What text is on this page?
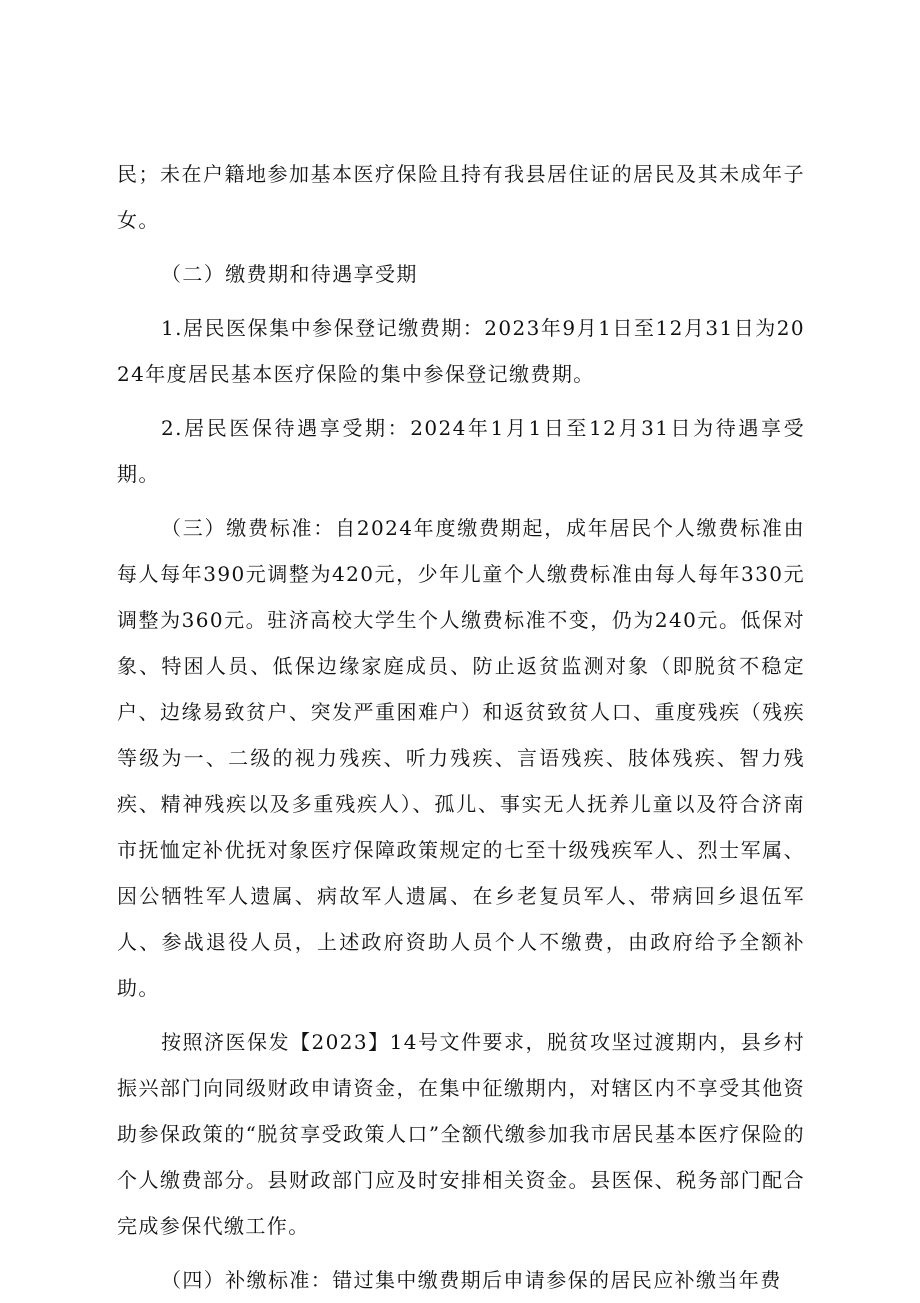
民；未在户籍地参加基本医疗保险且持有我县居住证的居民及其未成年子女。

（二）缴费期和待遇享受期

1.居民医保集中参保登记缴费期：2023年9月1日至12月31日为2024年度居民基本医疗保险的集中参保登记缴费期。

2.居民医保待遇享受期：2024年1月1日至12月31日为待遇享受期。

（三）缴费标准：自2024年度缴费期起，成年居民个人缴费标准由每人每年390元调整为420元，少年儿童个人缴费标准由每人每年330元调整为360元。驻济高校大学生个人缴费标准不变，仍为240元。低保对象、特困人员、低保边缘家庭成员、防止返贫监测对象（即脱贫不稳定户、边缘易致贫户、突发严重困难户）和返贫致贫人口、重度残疾（残疾等级为一、二级的视力残疾、听力残疾、言语残疾、肢体残疾、智力残疾、精神残疾以及多重残疾人）、孤儿、事实无人抚养儿童以及符合济南市抚恤定补优抚对象医疗保障政策规定的七至十级残疾军人、烈士军属、因公牺牲军人遗属、病故军人遗属、在乡老复员军人、带病回乡退伍军人、参战退役人员，上述政府资助人员个人不缴费，由政府给予全额补助。

按照济医保发【2023】14号文件要求，脱贫攻坚过渡期内，县乡村振兴部门向同级财政申请资金，在集中征缴期内，对辖区内不享受其他资助参保政策的“脱贫享受政策人口”全额代缴参加我市居民基本医疗保险的个人缴费部分。县财政部门应及时安排相关资金。县医保、税务部门配合完成参保代缴工作。

（四）补缴标准：错过集中缴费期后申请参保的居民应补缴当年费
